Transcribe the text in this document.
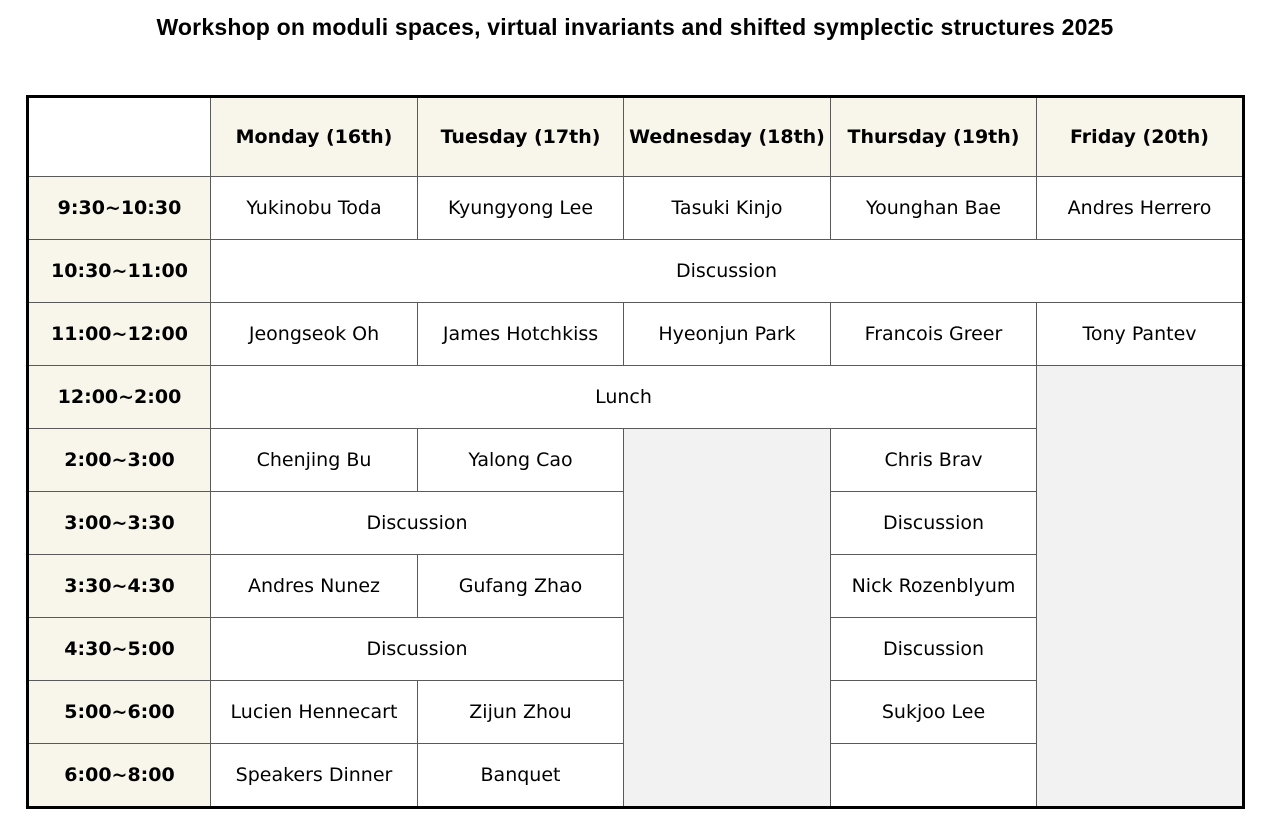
Workshop on moduli spaces, virtual invariants and shifted symplectic structures 2025
	Monday (16th)	Tuesday (17th)	Wednesday (18th)	Thursday (19th)	Friday (20th)
9:30~10:30	Yukinobu Toda	Kyungyong Lee	Tasuki Kinjo	Younghan Bae	Andres Herrero
10:30~11:00	Discussion				
11:00~12:00	Jeongseok Oh	James Hotchkiss	Hyeonjun Park	Francois Greer	Tony Pantev
12:00~2:00	Lunch				
2:00~3:00	Chenjing Bu	Yalong Cao		Chris Brav	
3:00~3:30	Discussion			Discussion	
3:30~4:30	Andres Nunez	Gufang Zhao		Nick Rozenblyum	
4:30~5:00	Discussion			Discussion	
5:00~6:00	Lucien Hennecart	Zijun Zhou		Sukjoo Lee	
6:00~8:00	Speakers Dinner	Banquet			
